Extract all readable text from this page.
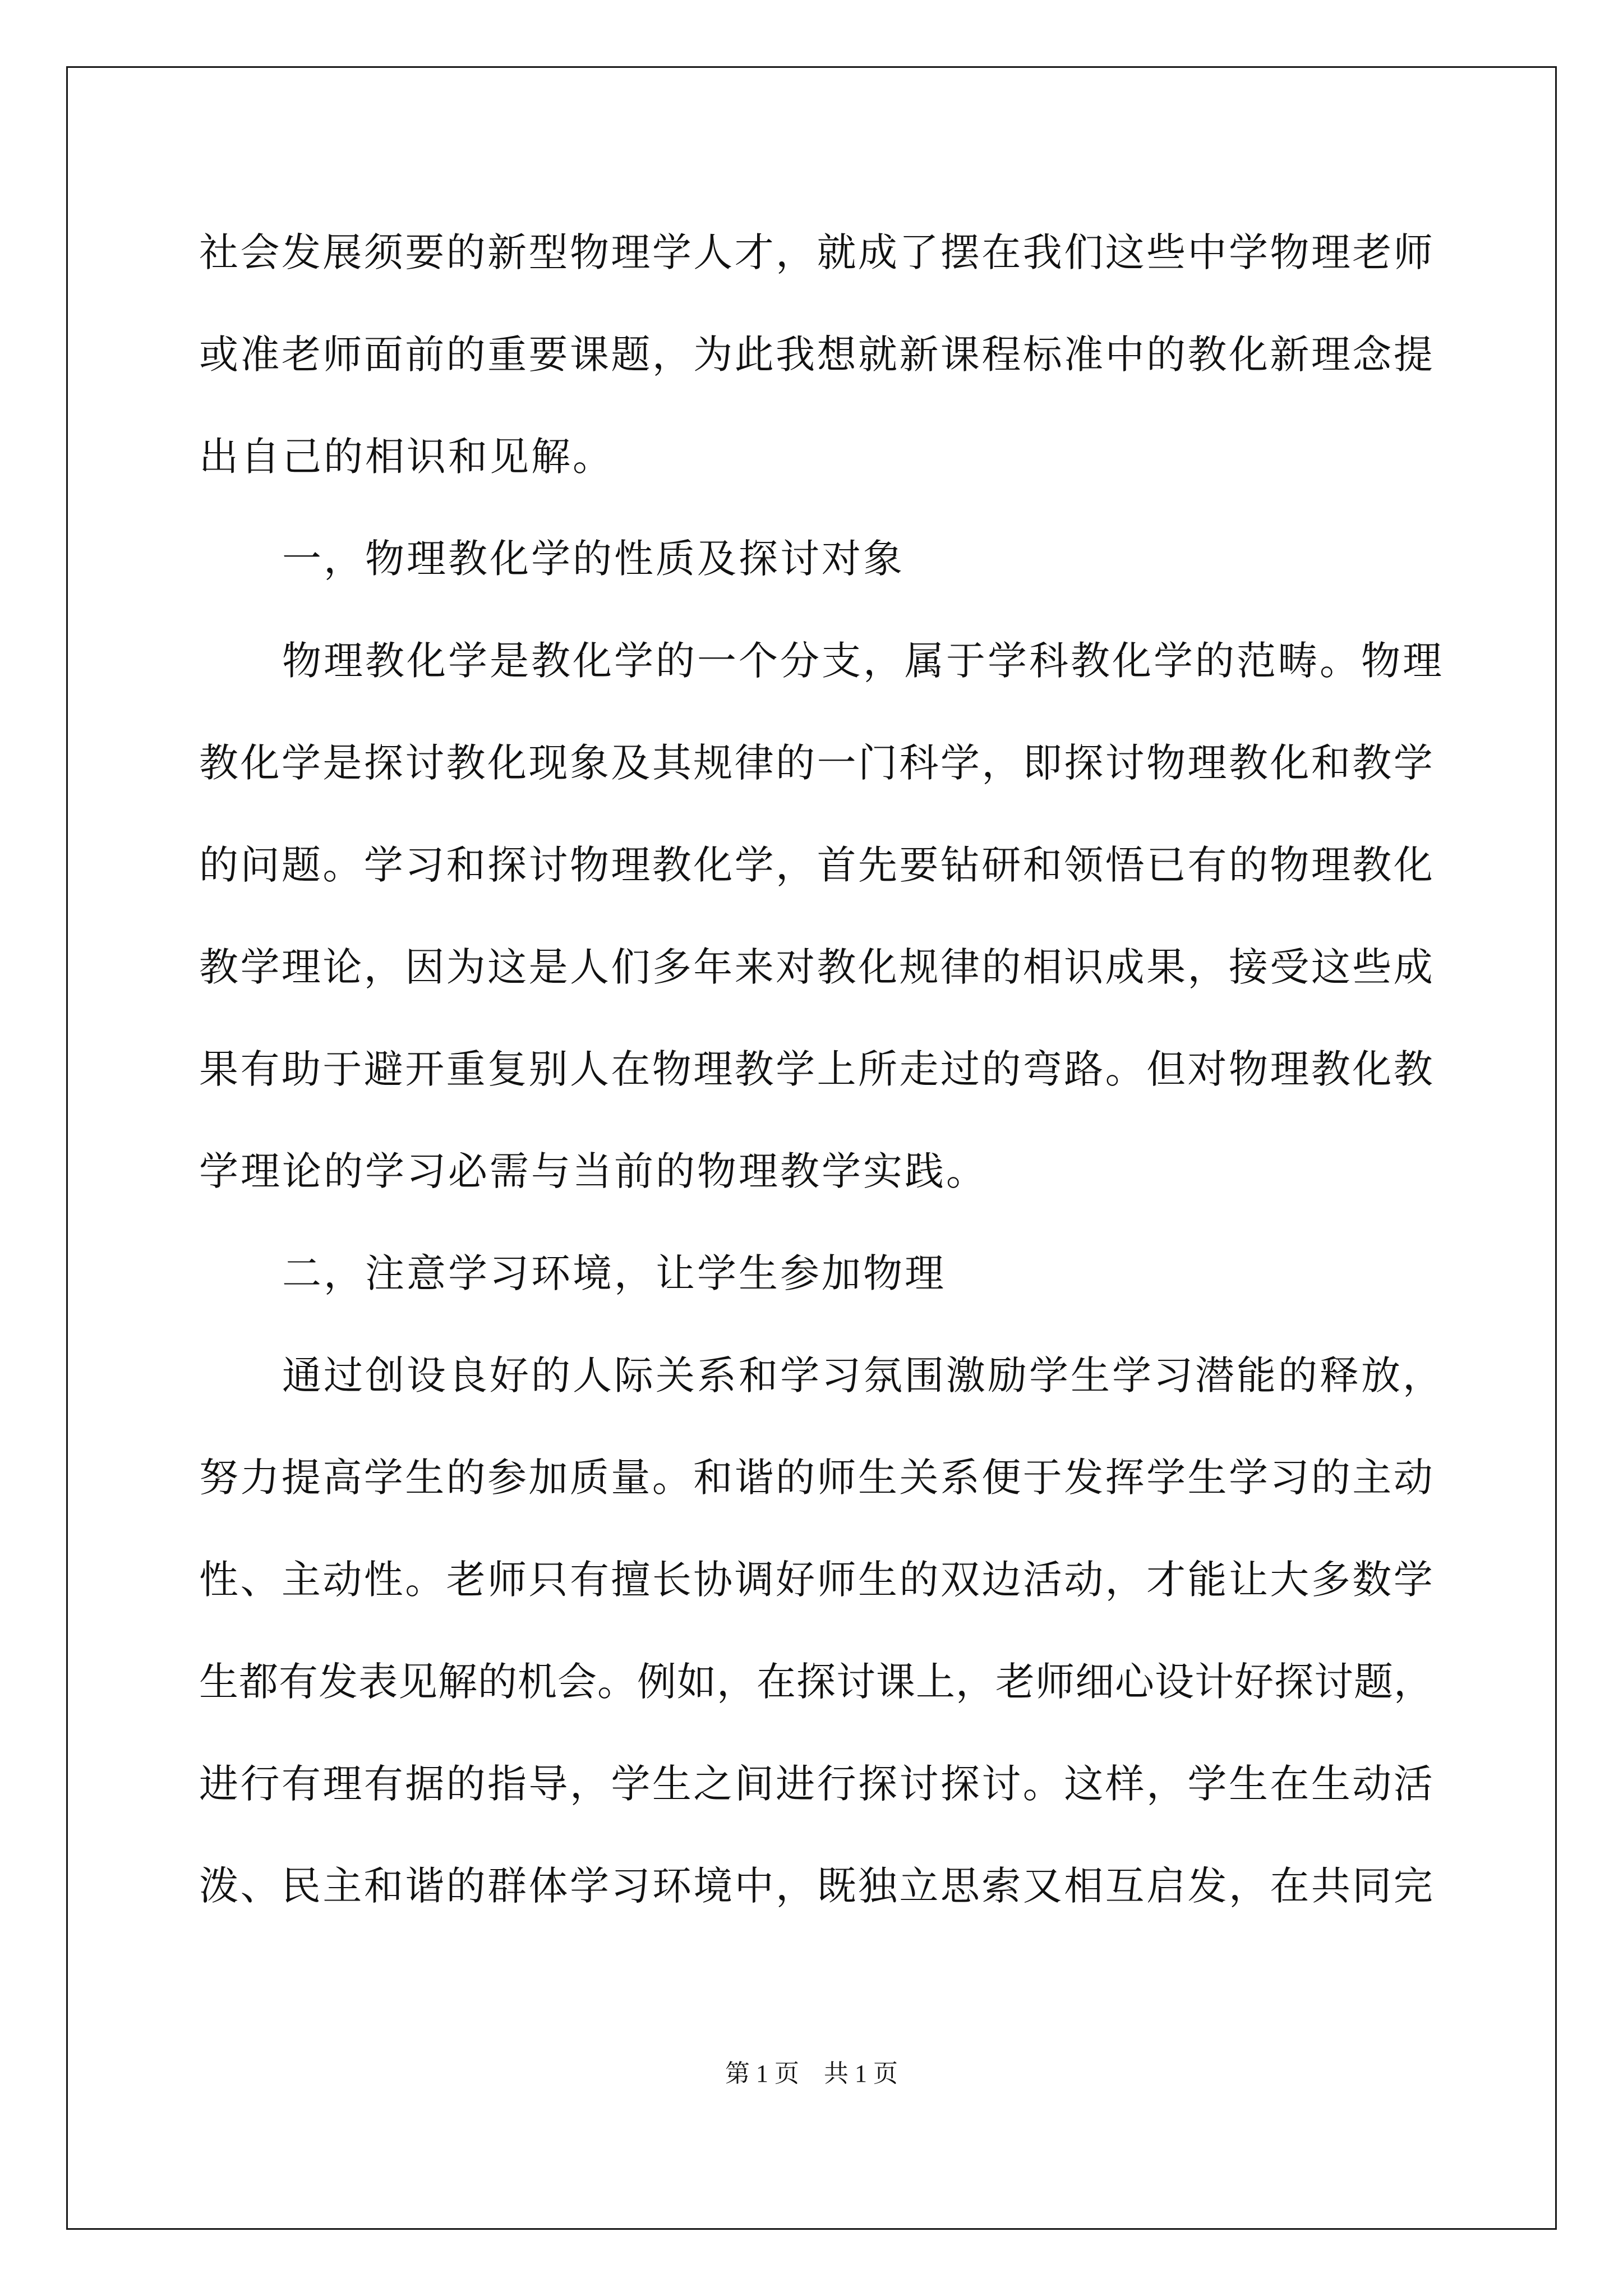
社 会 发 展 须 要 的 新 型 物 理 学 人 才 ， 就 成 了 摆 在 我 们 这 些 中 学 物 理 老 师
或 准 老 师 面 前 的 重 要 课 题 ， 为 此 我 想 就 新 课 程 标 准 中 的 教 化 新 理 念 提
出自己的相识和见解。
一，物理教化学的性质及探讨对象
物理教化学是教化学的一个分支，属于学科教化学的范畴。物理
教 化 学 是 探 讨 教 化 现 象 及 其 规 律 的 一 门 科 学 ， 即 探 讨 物 理 教 化 和 教 学
的 问 题 。 学 习 和 探 讨 物 理 教 化 学 ， 首 先 要 钻 研 和 领 悟 已 有 的 物 理 教 化
教 学 理 论 ， 因 为 这 是 人 们 多 年 来 对 教 化 规 律 的 相 识 成 果 ， 接 受 这 些 成
果 有 助 于 避 开 重 复 别 人 在 物 理 教 学 上 所 走 过 的 弯 路 。 但 对 物 理 教 化 教
学理论的学习必需与当前的物理教学实践。
二，注意学习环境，让学生参加物理
通过创设良好的人际关系和学习氛围激励学生学习潜能的释放，
努 力 提 高 学 生 的 参 加 质 量 。 和 谐 的 师 生 关 系 便 于 发 挥 学 生 学 习 的 主 动
性 、 主 动 性 。 老 师 只 有 擅 长 协 调 好 师 生 的 双 边 活 动 ， 才 能 让 大 多 数 学
生 都 有 发 表 见 解 的 机 会 。 例 如 ， 在 探 讨 课 上 ， 老 师 细 心 设 计 好 探 讨 题 ，
进 行 有 理 有 据 的 指 导 ， 学 生 之 间 进 行 探 讨 探 讨 。 这 样 ， 学 生 在 生 动 活
泼 、 民 主 和 谐 的 群 体 学 习 环 境 中 ， 既 独 立 思 索 又 相 互 启 发 ， 在 共 同 完
第 1 页　共 1 页
